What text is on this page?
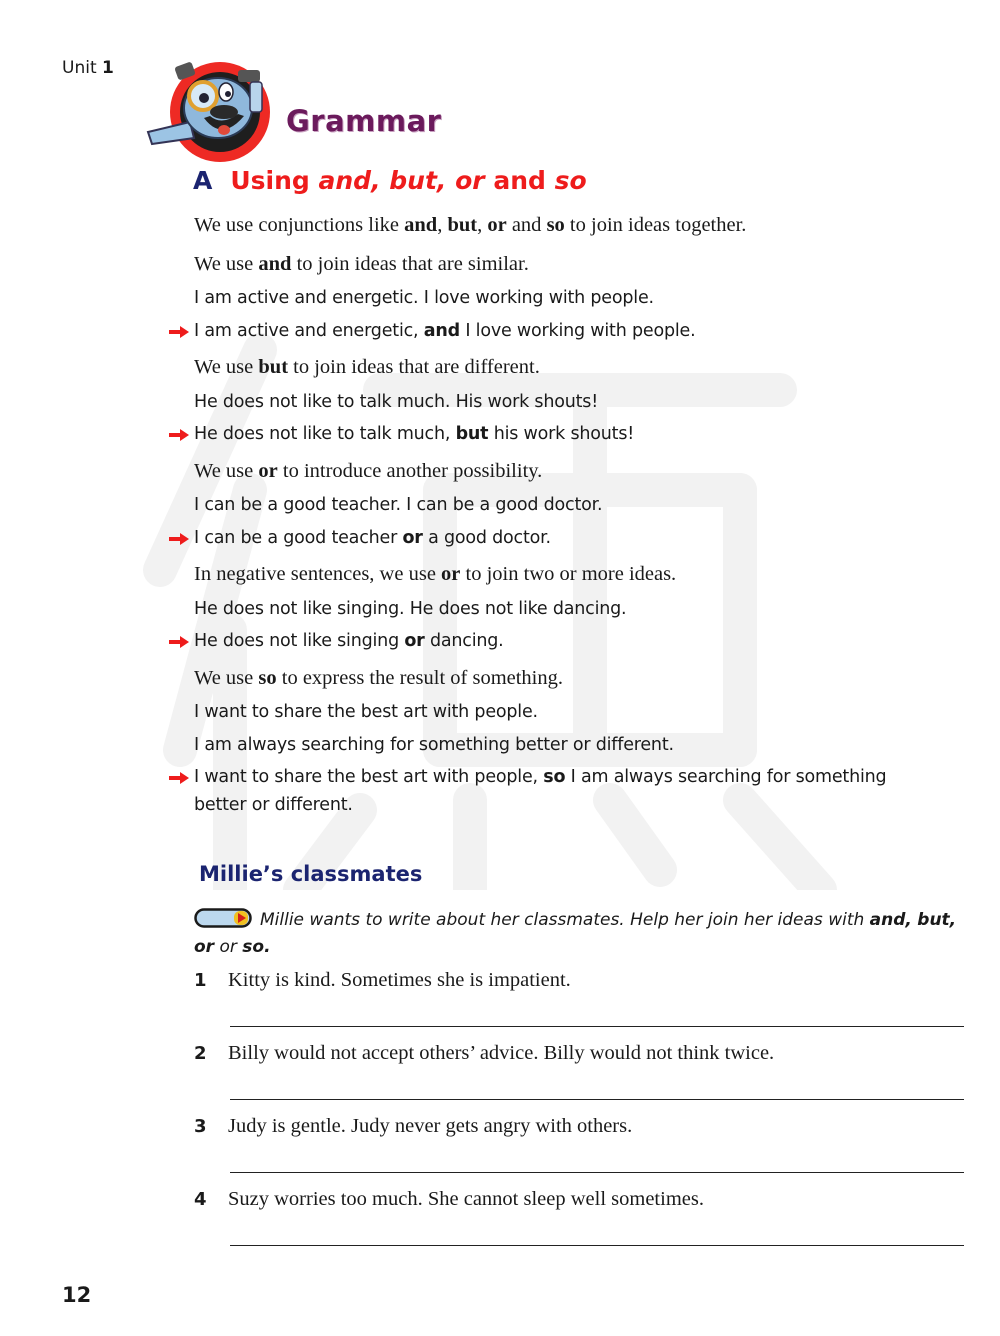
Unit 1
Grammar
A Using and, but, or and so
We use conjunctions like and, but, or and so to join ideas together.
We use and to join ideas that are similar.
I am active and energetic. I love working with people.
I am active and energetic, and I love working with people.
We use but to join ideas that are different.
He does not like to talk much. His work shouts!
He does not like to talk much, but his work shouts!
We use or to introduce another possibility.
I can be a good teacher. I can be a good doctor.
I can be a good teacher or a good doctor.
In negative sentences, we use or to join two or more ideas.
He does not like singing. He does not like dancing.
He does not like singing or dancing.
We use so to express the result of something.
I want to share the best art with people.
I am always searching for something better or different.
I want to share the best art with people, so I am always searching for something
better or different.
Millie’s classmates
Millie wants to write about her classmates. Help her join her ideas with and, but, or or so.
1 Kitty is kind. Sometimes she is impatient.
2 Billy would not accept others’ advice. Billy would not think twice.
3 Judy is gentle. Judy never gets angry with others.
4 Suzy worries too much. She cannot sleep well sometimes.
12
